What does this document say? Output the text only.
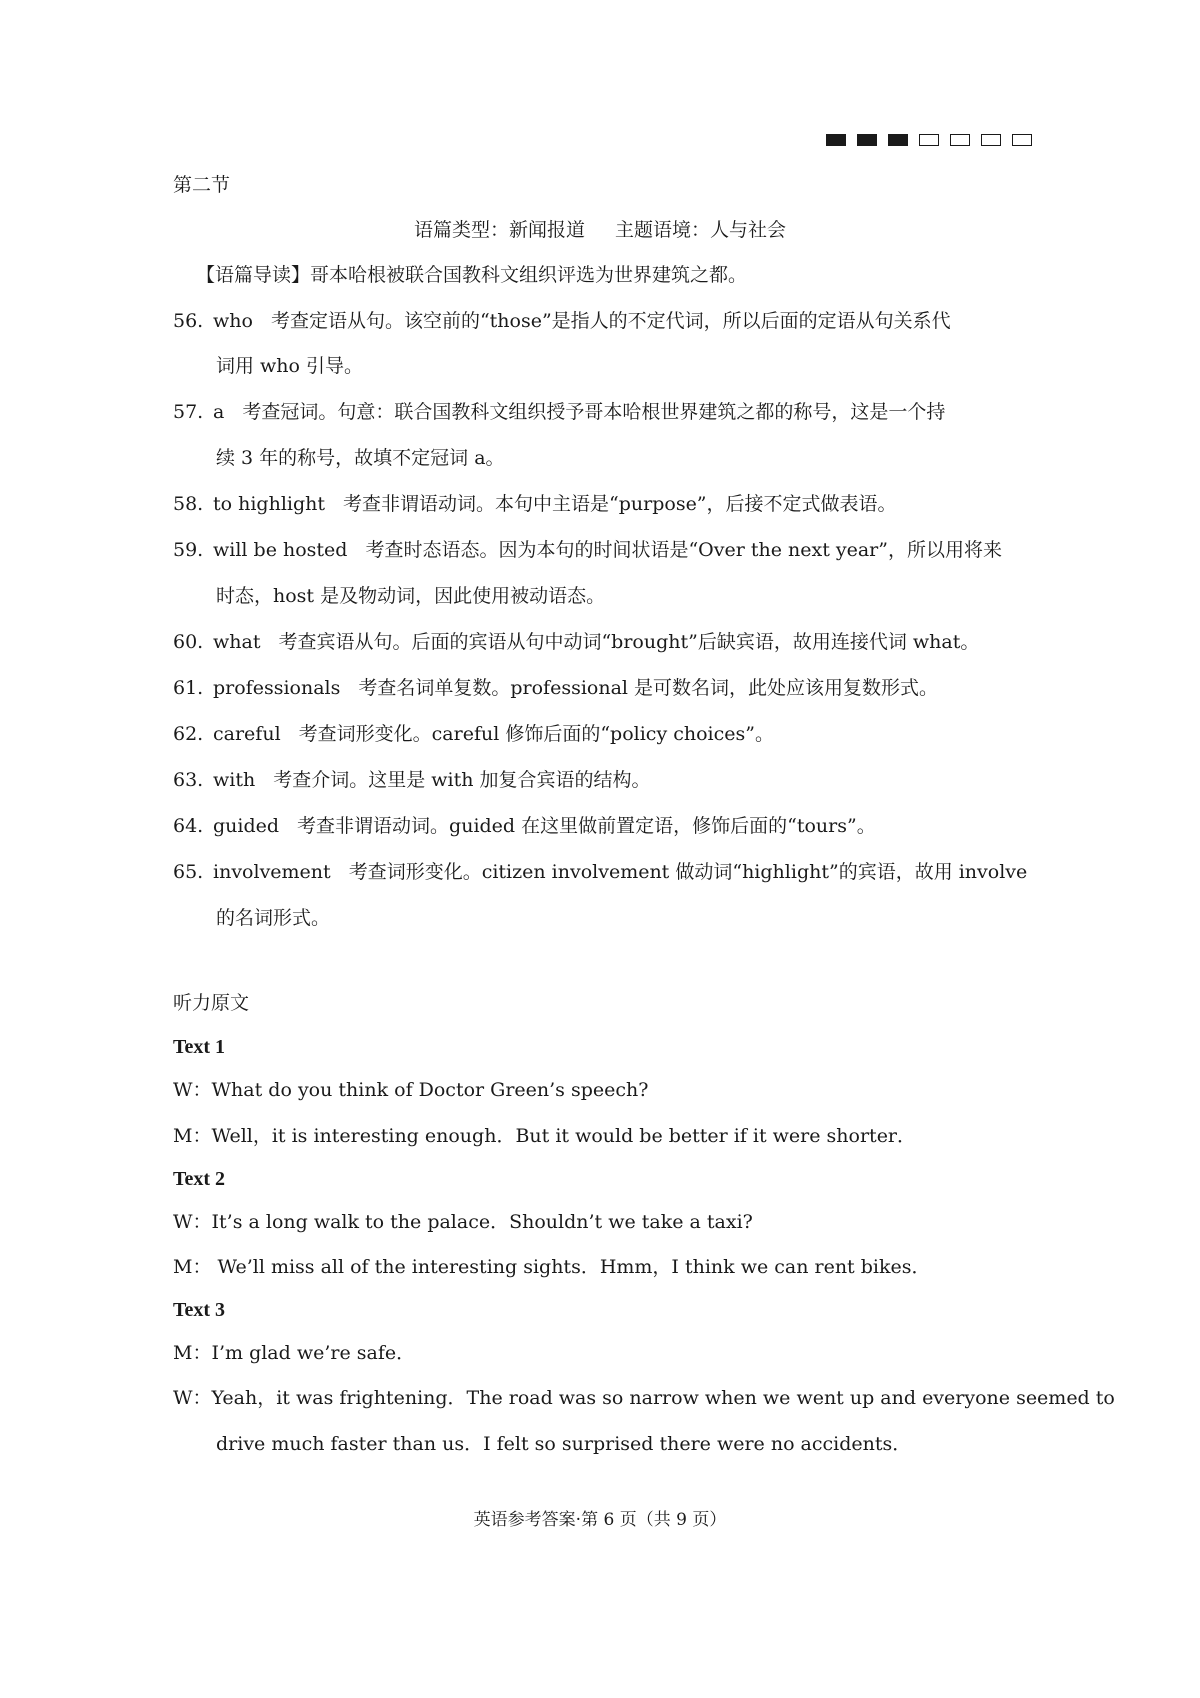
第二节
语篇类型：新闻报道 主题语境：人与社会
【语篇导读】哥本哈根被联合国教科文组织评选为世界建筑之都。
56. who 考查定语从句。该空前的“those”是指人的不定代词，所以后面的定语从句关系代
词用 who 引导。
57. a 考查冠词。句意：联合国教科文组织授予哥本哈根世界建筑之都的称号，这是一个持
续 3 年的称号，故填不定冠词 a。
58. to highlight 考查非谓语动词。本句中主语是“purpose”，后接不定式做表语。
59. will be hosted 考查时态语态。因为本句的时间状语是“Over the next year”，所以用将来
时态，host 是及物动词，因此使用被动语态。
60. what 考查宾语从句。后面的宾语从句中动词“brought”后缺宾语，故用连接代词 what。
61. professionals 考查名词单复数。professional 是可数名词，此处应该用复数形式。
62. careful 考查词形变化。careful 修饰后面的“policy choices”。
63. with 考查介词。这里是 with 加复合宾语的结构。
64. guided 考查非谓语动词。guided 在这里做前置定语，修饰后面的“tours”。
65. involvement 考查词形变化。citizen involvement 做动词“highlight”的宾语，故用 involve
的名词形式。
听力原文
Text 1
W：What do you think of Doctor Green’s speech?
M：Well，it is interesting enough．But it would be better if it were shorter．
Text 2
W：It’s a long walk to the palace．Shouldn’t we take a taxi?
M： We’ll miss all of the interesting sights．Hmm，I think we can rent bikes．
Text 3
M：I’m glad we’re safe．
W：Yeah，it was frightening．The road was so narrow when we went up and everyone seemed to
drive much faster than us．I felt so surprised there were no accidents．
英语参考答案·第 6 页（共 9 页）
